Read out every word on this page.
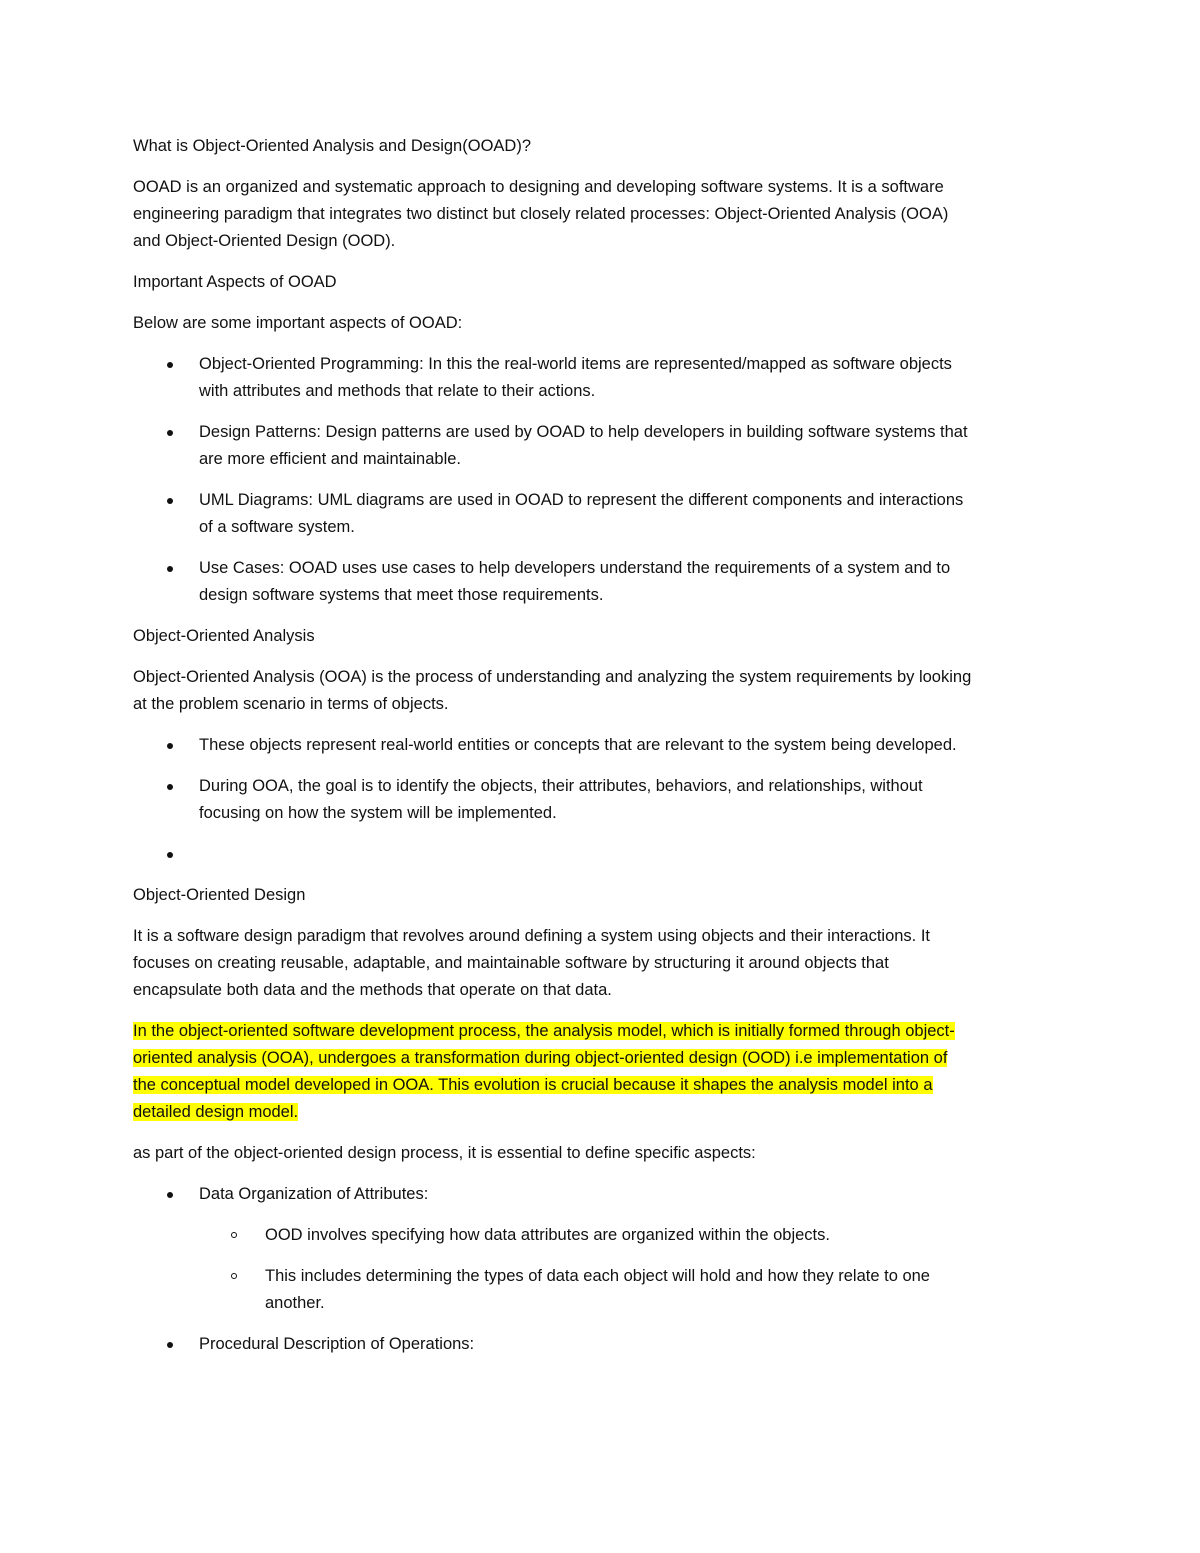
What is Object-Oriented Analysis and Design(OOAD)?

OOAD is an organized and systematic approach to designing and developing software systems. It is a software engineering paradigm that integrates two distinct but closely related processes: Object-Oriented Analysis (OOA) and Object-Oriented Design (OOD).

Important Aspects of OOAD

Below are some important aspects of OOAD:

Object-Oriented Programming: In this the real-world items are represented/mapped as software objects with attributes and methods that relate to their actions.
Design Patterns: Design patterns are used by OOAD to help developers in building software systems that are more efficient and maintainable.
UML Diagrams: UML diagrams are used in OOAD to represent the different components and interactions of a software system.
Use Cases: OOAD uses use cases to help developers understand the requirements of a system and to design software systems that meet those requirements.

Object-Oriented Analysis

Object-Oriented Analysis (OOA) is the process of understanding and analyzing the system requirements by looking at the problem scenario in terms of objects.

These objects represent real-world entities or concepts that are relevant to the system being developed.
During OOA, the goal is to identify the objects, their attributes, behaviors, and relationships, without focusing on how the system will be implemented.

Object-Oriented Design

It is a software design paradigm that revolves around defining a system using objects and their interactions. It focuses on creating reusable, adaptable, and maintainable software by structuring it around objects that encapsulate both data and the methods that operate on that data.

In the object-oriented software development process, the analysis model, which is initially formed through object-oriented analysis (OOA), undergoes a transformation during object-oriented design (OOD) i.e implementation of the conceptual model developed in OOA. This evolution is crucial because it shapes the analysis model into a detailed design model.

as part of the object-oriented design process, it is essential to define specific aspects:

Data Organization of Attributes:
OOD involves specifying how data attributes are organized within the objects.
This includes determining the types of data each object will hold and how they relate to one another.
Procedural Description of Operations:
